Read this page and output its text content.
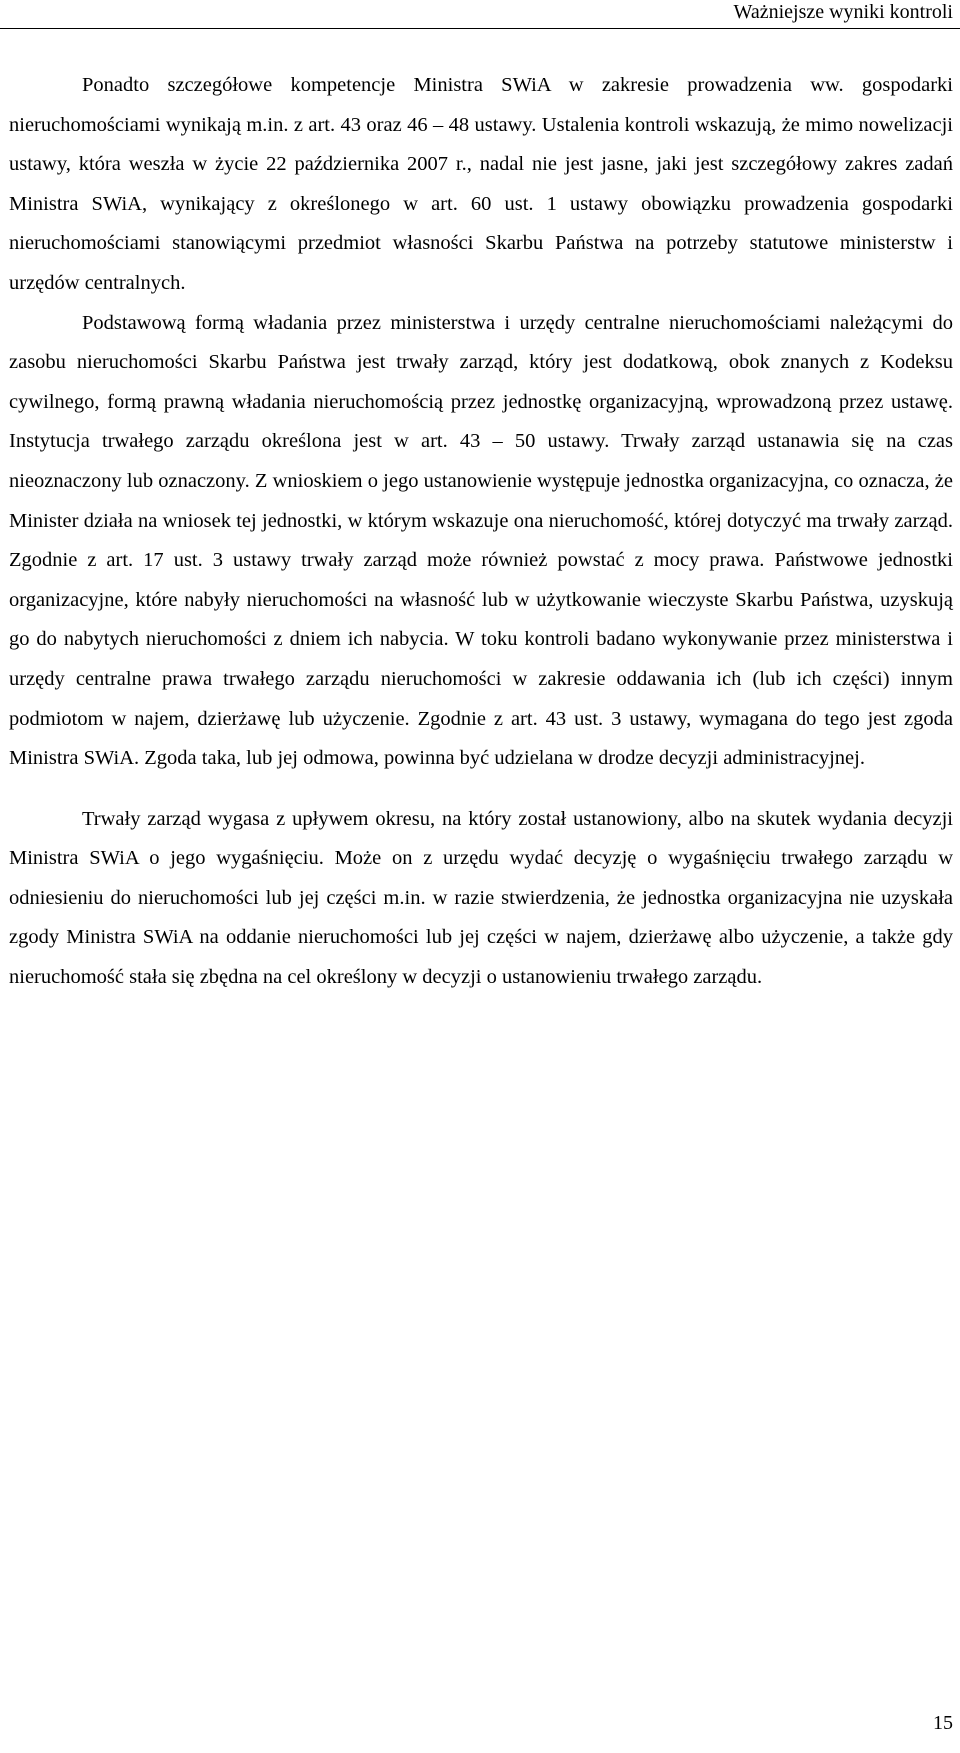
Ważniejsze wyniki kontroli

Ponadto szczegółowe kompetencje Ministra SWiA w zakresie prowadzenia ww. gospodarki nieruchomościami wynikają m.in. z art. 43 oraz 46 – 48 ustawy. Ustalenia kontroli wskazują, że mimo nowelizacji ustawy, która weszła w życie 22 października 2007 r., nadal nie jest jasne, jaki jest szczegółowy zakres zadań Ministra SWiA, wynikający z określonego w art. 60 ust. 1 ustawy obowiązku prowadzenia gospodarki nieruchomościami stanowiącymi przedmiot własności Skarbu Państwa na potrzeby statutowe ministerstw i urzędów centralnych.

Podstawową formą władania przez ministerstwa i urzędy centralne nieruchomościami należącymi do zasobu nieruchomości Skarbu Państwa jest trwały zarząd, który jest dodatkową, obok znanych z Kodeksu cywilnego, formą prawną władania nieruchomością przez jednostkę organizacyjną, wprowadzoną przez ustawę. Instytucja trwałego zarządu określona jest w art. 43 – 50 ustawy. Trwały zarząd ustanawia się na czas nieoznaczony lub oznaczony. Z wnioskiem o jego ustanowienie występuje jednostka organizacyjna, co oznacza, że Minister działa na wniosek tej jednostki, w którym wskazuje ona nieruchomość, której dotyczyć ma trwały zarząd. Zgodnie z art. 17 ust. 3 ustawy trwały zarząd może również powstać z mocy prawa. Państwowe jednostki organizacyjne, które nabyły nieruchomości na własność lub w użytkowanie wieczyste Skarbu Państwa, uzyskują go do nabytych nieruchomości z dniem ich nabycia. W toku kontroli badano wykonywanie przez ministerstwa i urzędy centralne prawa trwałego zarządu nieruchomości w zakresie oddawania ich (lub ich części) innym podmiotom w najem, dzierżawę lub użyczenie. Zgodnie z art. 43 ust. 3 ustawy, wymagana do tego jest zgoda Ministra SWiA. Zgoda taka, lub jej odmowa, powinna być udzielana w drodze decyzji administracyjnej.

Trwały zarząd wygasa z upływem okresu, na który został ustanowiony, albo na skutek wydania decyzji Ministra SWiA o jego wygaśnięciu. Może on z urzędu wydać decyzję o wygaśnięciu trwałego zarządu w odniesieniu do nieruchomości lub jej części m.in. w razie stwierdzenia, że jednostka organizacyjna nie uzyskała zgody Ministra SWiA na oddanie nieruchomości lub jej części w najem, dzierżawę albo użyczenie, a także gdy nieruchomość stała się zbędna na cel określony w decyzji o ustanowieniu trwałego zarządu.

15
